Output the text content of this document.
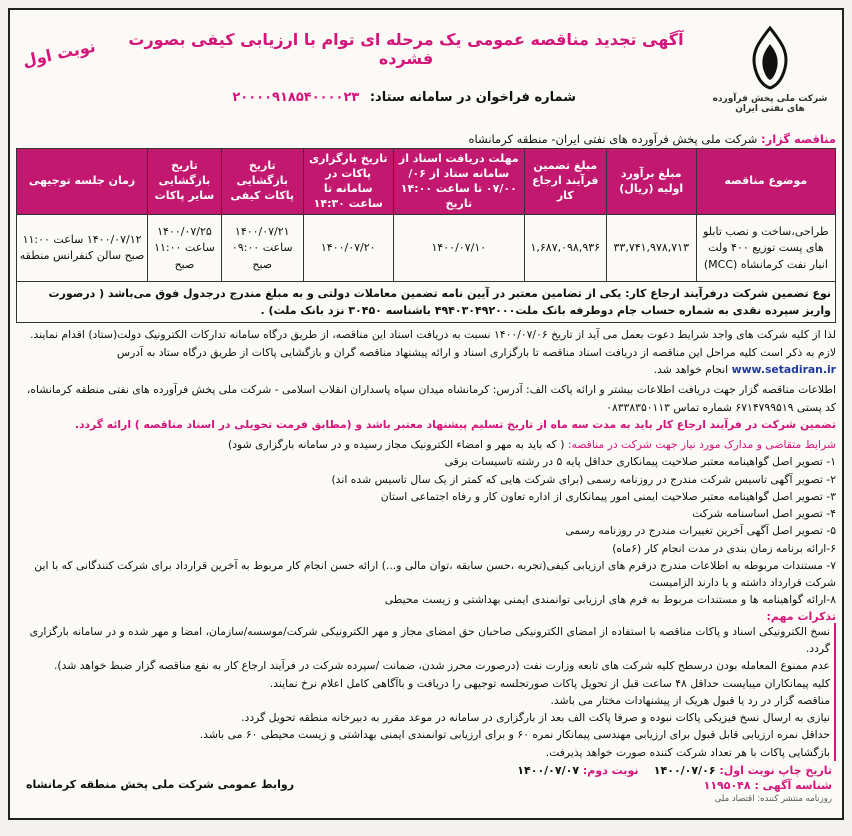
شرکت ملی پخش فرآورده های نفتی ایران
آگهی تجدید مناقصه عمومی یک مرحله ای توام با ارزیابی کیفی بصورت فشرده
نوبت اول
شماره فراخوان در سامانه ستاد: ۲۰۰۰۰۹۱۸۵۴۰۰۰۰۲۳
مناقصه گزار: شرکت ملی پخش فرآورده های نفتی ایران- منطقه کرمانشاه
موضوع مناقصه	مبلغ برآورد اولیه (ریال)	مبلغ تضمین فرآیند ارجاع کار	مهلت دریافت اسناد از سامانه ستاد از ۰۶/ ۰۷/۰۰ تا ساعت ۱۴:۰۰ تاریخ	تاریخ بارگزاری پاکات در سامانه تا ساعت ۱۴:۳۰	تاریخ بازگشایی پاکات کیفی	تاریخ بازگشایی سایر پاکات	زمان جلسه توجیهی
طراحی،ساخت و نصب تابلو های پست توزیع ۴۰۰ ولت انبار نفت کرمانشاه (MCC)	۳۳,۷۴۱,۹۷۸,۷۱۳	۱,۶۸۷,۰۹۸,۹۳۶	۱۴۰۰/۰۷/۱۰	۱۴۰۰/۰۷/۲۰	۱۴۰۰/۰۷/۲۱ ساعت ۰۹:۰۰ صبح	۱۴۰۰/۰۷/۲۵ ساعت ۱۱:۰۰ صبح	۱۴۰۰/۰۷/۱۲ ساعت ۱۱:۰۰ صبح سالن کنفرانس منطقه
نوع تضمین شرکت درفرآیند ارجاع کار: یکی از تضامین معتبر در آیین نامه تضمین معاملات دولتی و به مبلغ مندرج درجدول فوق می‌باشد ( درصورت واریز سپرده نقدی به شماره حساب جام دوطرفه بانک ملت۴۹۴۰۳۰۴۹۲۰۰۰ باشناسه ۳۰۴۵۰ نزد بانک ملت) .
لذا از کلیه شرکت های واجد شرایط دعوت بعمل می آید از تاریخ ۱۴۰۰/۰۷/۰۶ نسبت به دریافت اسناد این مناقصه، از طریق درگاه سامانه تدارکات الکترونیک دولت(ستاد) اقدام نمایند. لازم به ذکر است کلیه مراحل این مناقصه از دریافت اسناد مناقصه تا بارگزاری اسناد و ارائه پیشنهاد مناقصه گران و بازگشایی پاکات از طریق درگاه ستاد به آدرس www.setadiran.ir انجام خواهد شد.
اطلاعات مناقصه گزار جهت دریافت اطلاعات بیشتر و ارائه پاکت الف: آدرس: کرمانشاه میدان سپاه پاسداران انقلاب اسلامی - شرکت ملی پخش فرآورده های نفتی منطقه کرمانشاه، کد پستی ۶۷۱۴۷۹۹۵۱۹ شماره تماس ۰۸۳۳۸۳۵۰۱۱۳
تضمین شرکت در فرآیند ارجاع کار باید به مدت سه ماه از تاریخ تسلیم پیشنهاد معتبر باشد و (مطابق فرمت تحویلی در اسناد مناقصه ) ارائه گردد.
شرایط متقاضی و مدارک مورد نیاز جهت شرکت در مناقصه: ( که باید به مهر و امضاء الکترونیک مجاز رسیده و در سامانه بارگزاری شود)
۱- تصویر اصل گواهینامه معتبر صلاحیت پیمانکاری حداقل پایه ۵ در رشته تاسیسات برقی
۲- تصویر آگهی تاسیس شرکت مندرج در روزنامه رسمی (برای شرکت هایی که کمتر از یک سال تاسیس شده اند)
۳- تصویر اصل گواهینامه معتبر صلاحیت ایمنی امور پیمانکاری از اداره تعاون کار و رفاه اجتماعی استان
۴- تصویر اصل اساسنامه شرکت
۵- تصویر اصل آگهی آخرین تغییرات مندرج در روزنامه رسمی
۶-ارائه برنامه زمان بندی در مدت انجام کار (۶ماه)
۷- مستندات مربوطه به اطلاعات مندرج درفرم های ارزیابی کیفی(تجربه ،حسن سابقه ،توان مالی و...) ارائه حسن انجام کار مربوط به آخرین قرارداد برای شرکت کنندگانی که با این شرکت قرارداد داشته و یا دارند الزامیست
۸-ارائه گواهینامه ها و مستندات مربوط به فرم های ارزیابی توانمندی ایمنی بهداشتی و زیست محیطی
تذکرات مهم:
نسخ الکترونیکی اسناد و پاکات مناقصه با استفاده از امضای الکترونیکی صاحبان حق امضای مجاز و مهر الکترونیکی شرکت/موسسه/سازمان، امضا و مهر شده و در سامانه بارگزاری گردد.
عدم ممنوع المعامله بودن درسطح کلیه شرکت های تابعه وزارت نفت (درصورت محرز شدن، ضمانت /سپرده شرکت در فرآیند ارجاع کار به نفع مناقصه گزار ضبط خواهد شد).
کلیه پیمانکاران میبایست حداقل ۴۸ ساعت قبل از تحویل پاکات صورتجلسه توجیهی را دریافت و باآگاهی کامل اعلام نرخ نمایند.
مناقصه گزار در رد یا قبول هریک از پیشنهادات مختار می باشد.
نیازی به ارسال نسخ فیزیکی پاکات نبوده و صرفا پاکت الف بعد از بارگزاری در سامانه در موعد مقرر به دبیرخانه منطقه تحویل گردد.
حداقل نمره ارزیابی قابل قبول برای ارزیابی مهندسی پیمانکار نمره ۶۰ و برای ارزیابی توانمندی ایمنی بهداشتی و زیست محیطی ۶۰ می باشد.
بازگشایی پاکات با هر تعداد شرکت کننده صورت خواهد پذیرفت.
تاریخ چاپ نوبت اول: ۱۴۰۰/۰۷/۰۶    نوبت دوم: ۱۴۰۰/۰۷/۰۷
شناسه آگهی : ۱۱۹۵۰۴۸
روزنامه منتشر کننده: اقتصاد ملی
روابط عمومی شرکت ملی پخش منطقه کرمانشاه
